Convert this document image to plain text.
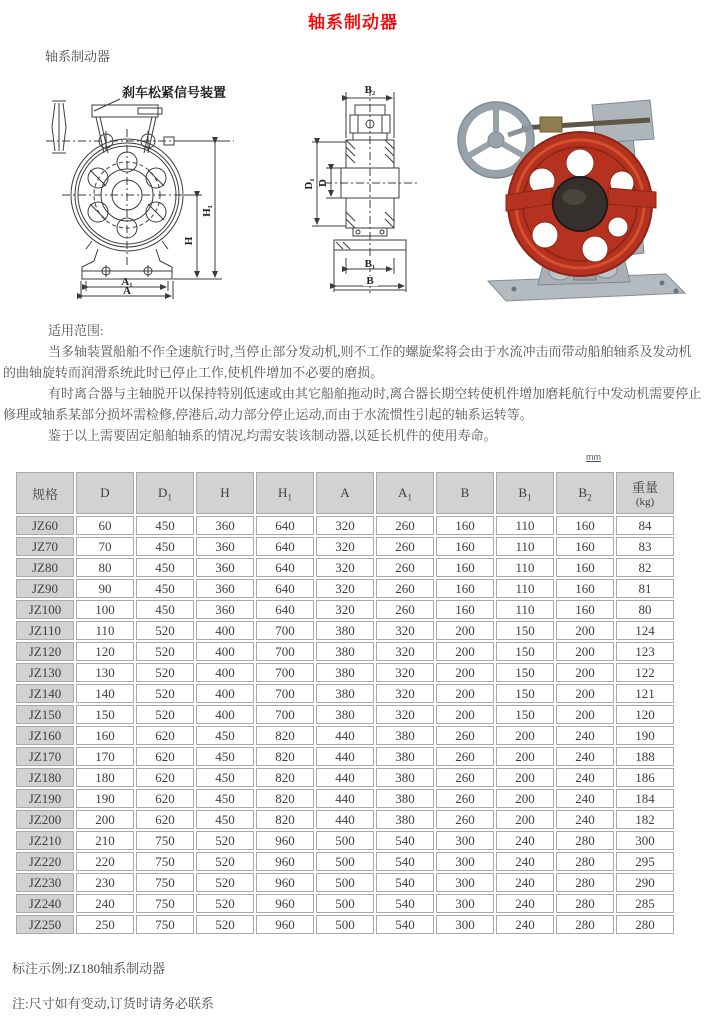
轴系制动器
轴系制动器
刹车松紧信号装置
H
H₁
A₁
A
B₂
D₁ D
B₁
B

适用范围:

当多轴装置船舶不作全速航行时,当停止部分发动机,则不工作的螺旋桨将会由于水流冲击而带动船舶轴系及发动机的曲轴旋转而润滑系统此时已停止工作,使机件增加不必要的磨损。

有时离合器与主轴脱开以保持特别低速或由其它船舶拖动时,离合器长期空转使机件增加磨耗航行中发动机需要停止修理或轴系某部分损坏需检修,停港后,动力部分停止运动,而由于水流惯性引起的轴系运转等。

鉴于以上需要固定船舶轴系的情况,均需安装该制动器,以延长机件的使用寿命。

mm
规格	D	$D_1$	H	$H_1$	A	$A_1$	B	$B_1$	$B_2$	重量
(kg)

JZ60	60	450	360	640	320	260	160	110	160	84
JZ70	70	450	360	640	320	260	160	110	160	83
JZ80	80	450	360	640	320	260	160	110	160	82
JZ90	90	450	360	640	320	260	160	110	160	81
JZ100	100	450	360	640	320	260	160	110	160	80
JZ110	110	520	400	700	380	320	200	150	200	124
JZ120	120	520	400	700	380	320	200	150	200	123
JZ130	130	520	400	700	380	320	200	150	200	122
JZ140	140	520	400	700	380	320	200	150	200	121
JZ150	150	520	400	700	380	320	200	150	200	120
JZ160	160	620	450	820	440	380	260	200	240	190
JZ170	170	620	450	820	440	380	260	200	240	188
JZ180	180	620	450	820	440	380	260	200	240	186
JZ190	190	620	450	820	440	380	260	200	240	184
JZ200	200	620	450	820	440	380	260	200	240	182
JZ210	210	750	520	960	500	540	300	240	280	300
JZ220	220	750	520	960	500	540	300	240	280	295
JZ230	230	750	520	960	500	540	300	240	280	290
JZ240	240	750	520	960	500	540	300	240	280	285
JZ250	250	750	520	960	500	540	300	240	280	280
标注示例:JZ180轴系制动器
注:尺寸如有变动,订货时请务必联系
